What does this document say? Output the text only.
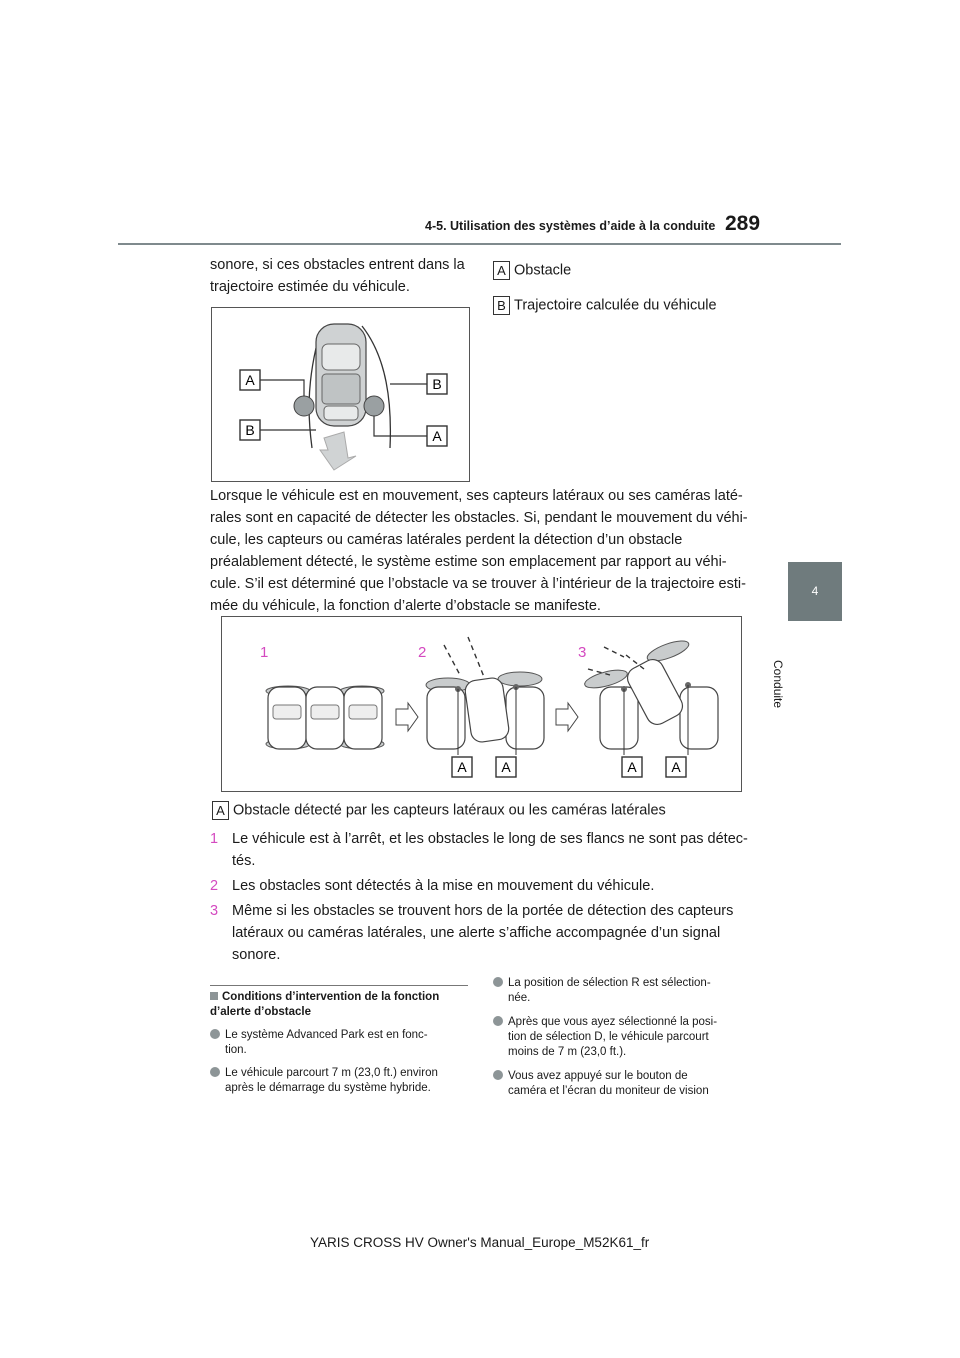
4-5. Utilisation des systèmes d’aide à la conduite 289
4
Conduite
sonore, si ces obstacles entrent dans la trajectoire estimée du véhicule.
A Obstacle
B Trajectoire calculée du véhicule
A
B
B
A
Lorsque le véhicule est en mouvement, ses capteurs latéraux ou ses caméras laté-rales sont en capacité de détecter les obstacles. Si, pendant le mouvement du véhi-cule, les capteurs ou caméras latérales perdent la détection d’un obstacle préalablement détecté, le système estime son emplacement par rapport au véhi-cule. S’il est déterminé que l’obstacle va se trouver à l’intérieur de la trajectoire esti-mée du véhicule, la fonction d’alerte d’obstacle se manifeste.
1	2	3
A A	A A
A Obstacle détecté par les capteurs latéraux ou les caméras latérales
1 Le véhicule est à l’arrêt, et les obstacles le long de ses flancs ne sont pas détec-
tés.
2 Les obstacles sont détectés à la mise en mouvement du véhicule.
3 Même si les obstacles se trouvent hors de la portée de détection des capteurs
latéraux ou caméras latérales, une alerte s’affiche accompagnée d’un signal
sonore.
Conditions d’intervention de la fonction
d’alerte d’obstacle
Le système Advanced Park est en fonc-
tion.
Le véhicule parcourt 7 m (23,0 ft.) environ
après le démarrage du système hybride.
La position de sélection R est sélection-
née.
Après que vous ayez sélectionné la posi-
tion de sélection D, le véhicule parcourt
moins de 7 m (23,0 ft.).
Vous avez appuyé sur le bouton de
caméra et l’écran du moniteur de vision
YARIS CROSS HV Owner's Manual_Europe_M52K61_fr
